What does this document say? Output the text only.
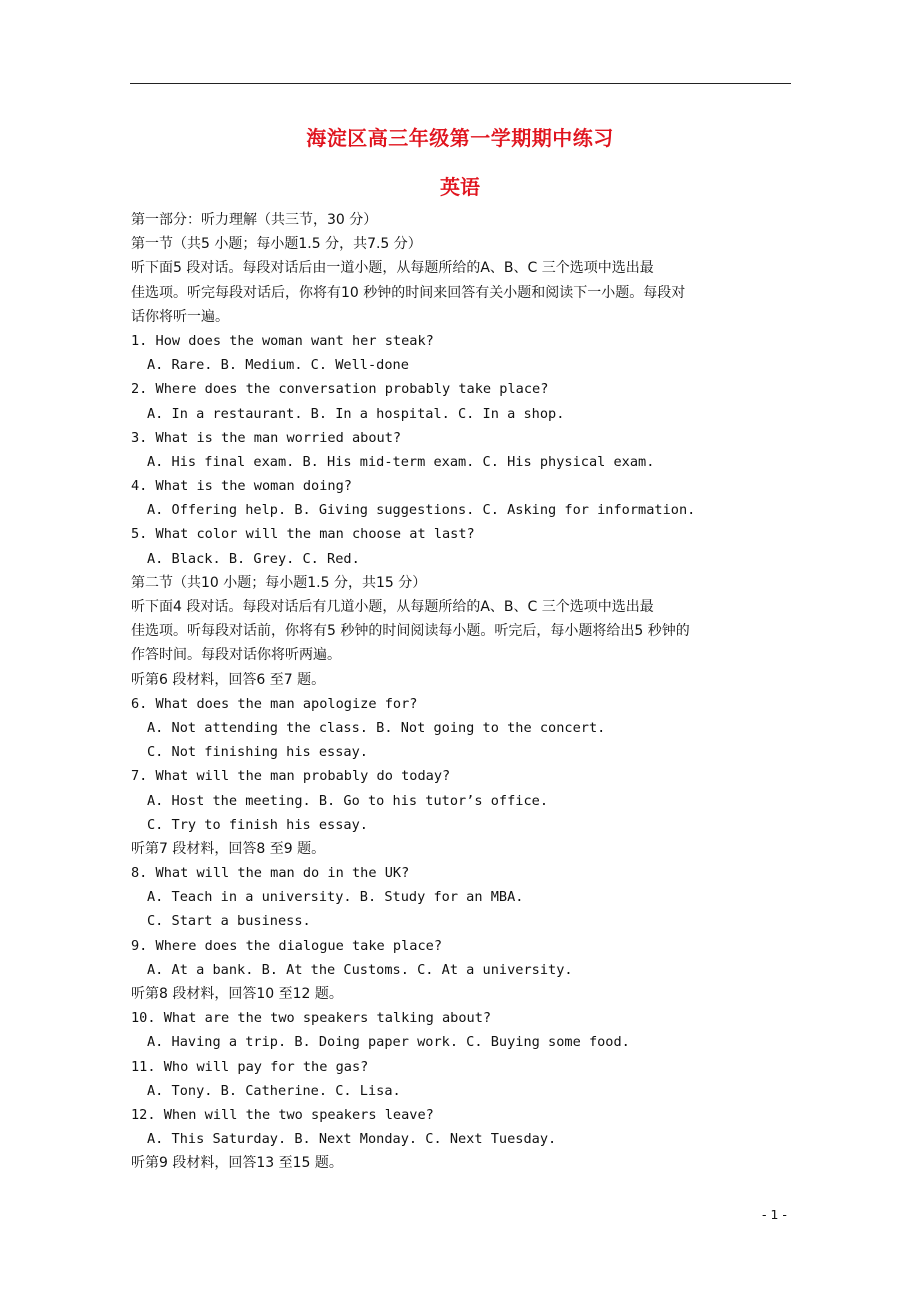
海淀区高三年级第一学期期中练习
英语
第一部分：听力理解（共三节，30 分）
第一节（共5 小题；每小题1.5 分，共7.5 分）
听下面5 段对话。每段对话后由一道小题，从每题所给的A、B、C 三个选项中选出最
佳选项。听完每段对话后，你将有10 秒钟的时间来回答有关小题和阅读下一小题。每段对
话你将听一遍。
1. How does the woman want her steak?
A. Rare. B. Medium. C. Well-done
2. Where does the conversation probably take place?
A. In a restaurant. B. In a hospital. C. In a shop.
3. What is the man worried about?
A. His final exam. B. His mid-term exam. C. His physical exam.
4. What is the woman doing?
A. Offering help. B. Giving suggestions. C. Asking for information.
5. What color will the man choose at last?
A. Black. B. Grey. C. Red.
第二节（共10 小题；每小题1.5 分，共15 分）
听下面4 段对话。每段对话后有几道小题，从每题所给的A、B、C 三个选项中选出最
佳选项。听每段对话前，你将有5 秒钟的时间阅读每小题。听完后，每小题将给出5 秒钟的
作答时间。每段对话你将听两遍。
听第6 段材料，回答6 至7 题。
6. What does the man apologize for?
A. Not attending the class. B. Not going to the concert.
C. Not finishing his essay.
7. What will the man probably do today?
A. Host the meeting. B. Go to his tutor’s office.
C. Try to finish his essay.
听第7 段材料，回答8 至9 题。
8. What will the man do in the UK?
A. Teach in a university. B. Study for an MBA.
C. Start a business.
9. Where does the dialogue take place?
A. At a bank. B. At the Customs. C. At a university.
听第8 段材料，回答10 至12 题。
10. What are the two speakers talking about?
A. Having a trip. B. Doing paper work. C. Buying some food.
11. Who will pay for the gas?
A. Tony. B. Catherine. C. Lisa.
12. When will the two speakers leave?
A. This Saturday. B. Next Monday. C. Next Tuesday.
听第9 段材料，回答13 至15 题。
- 1 -
